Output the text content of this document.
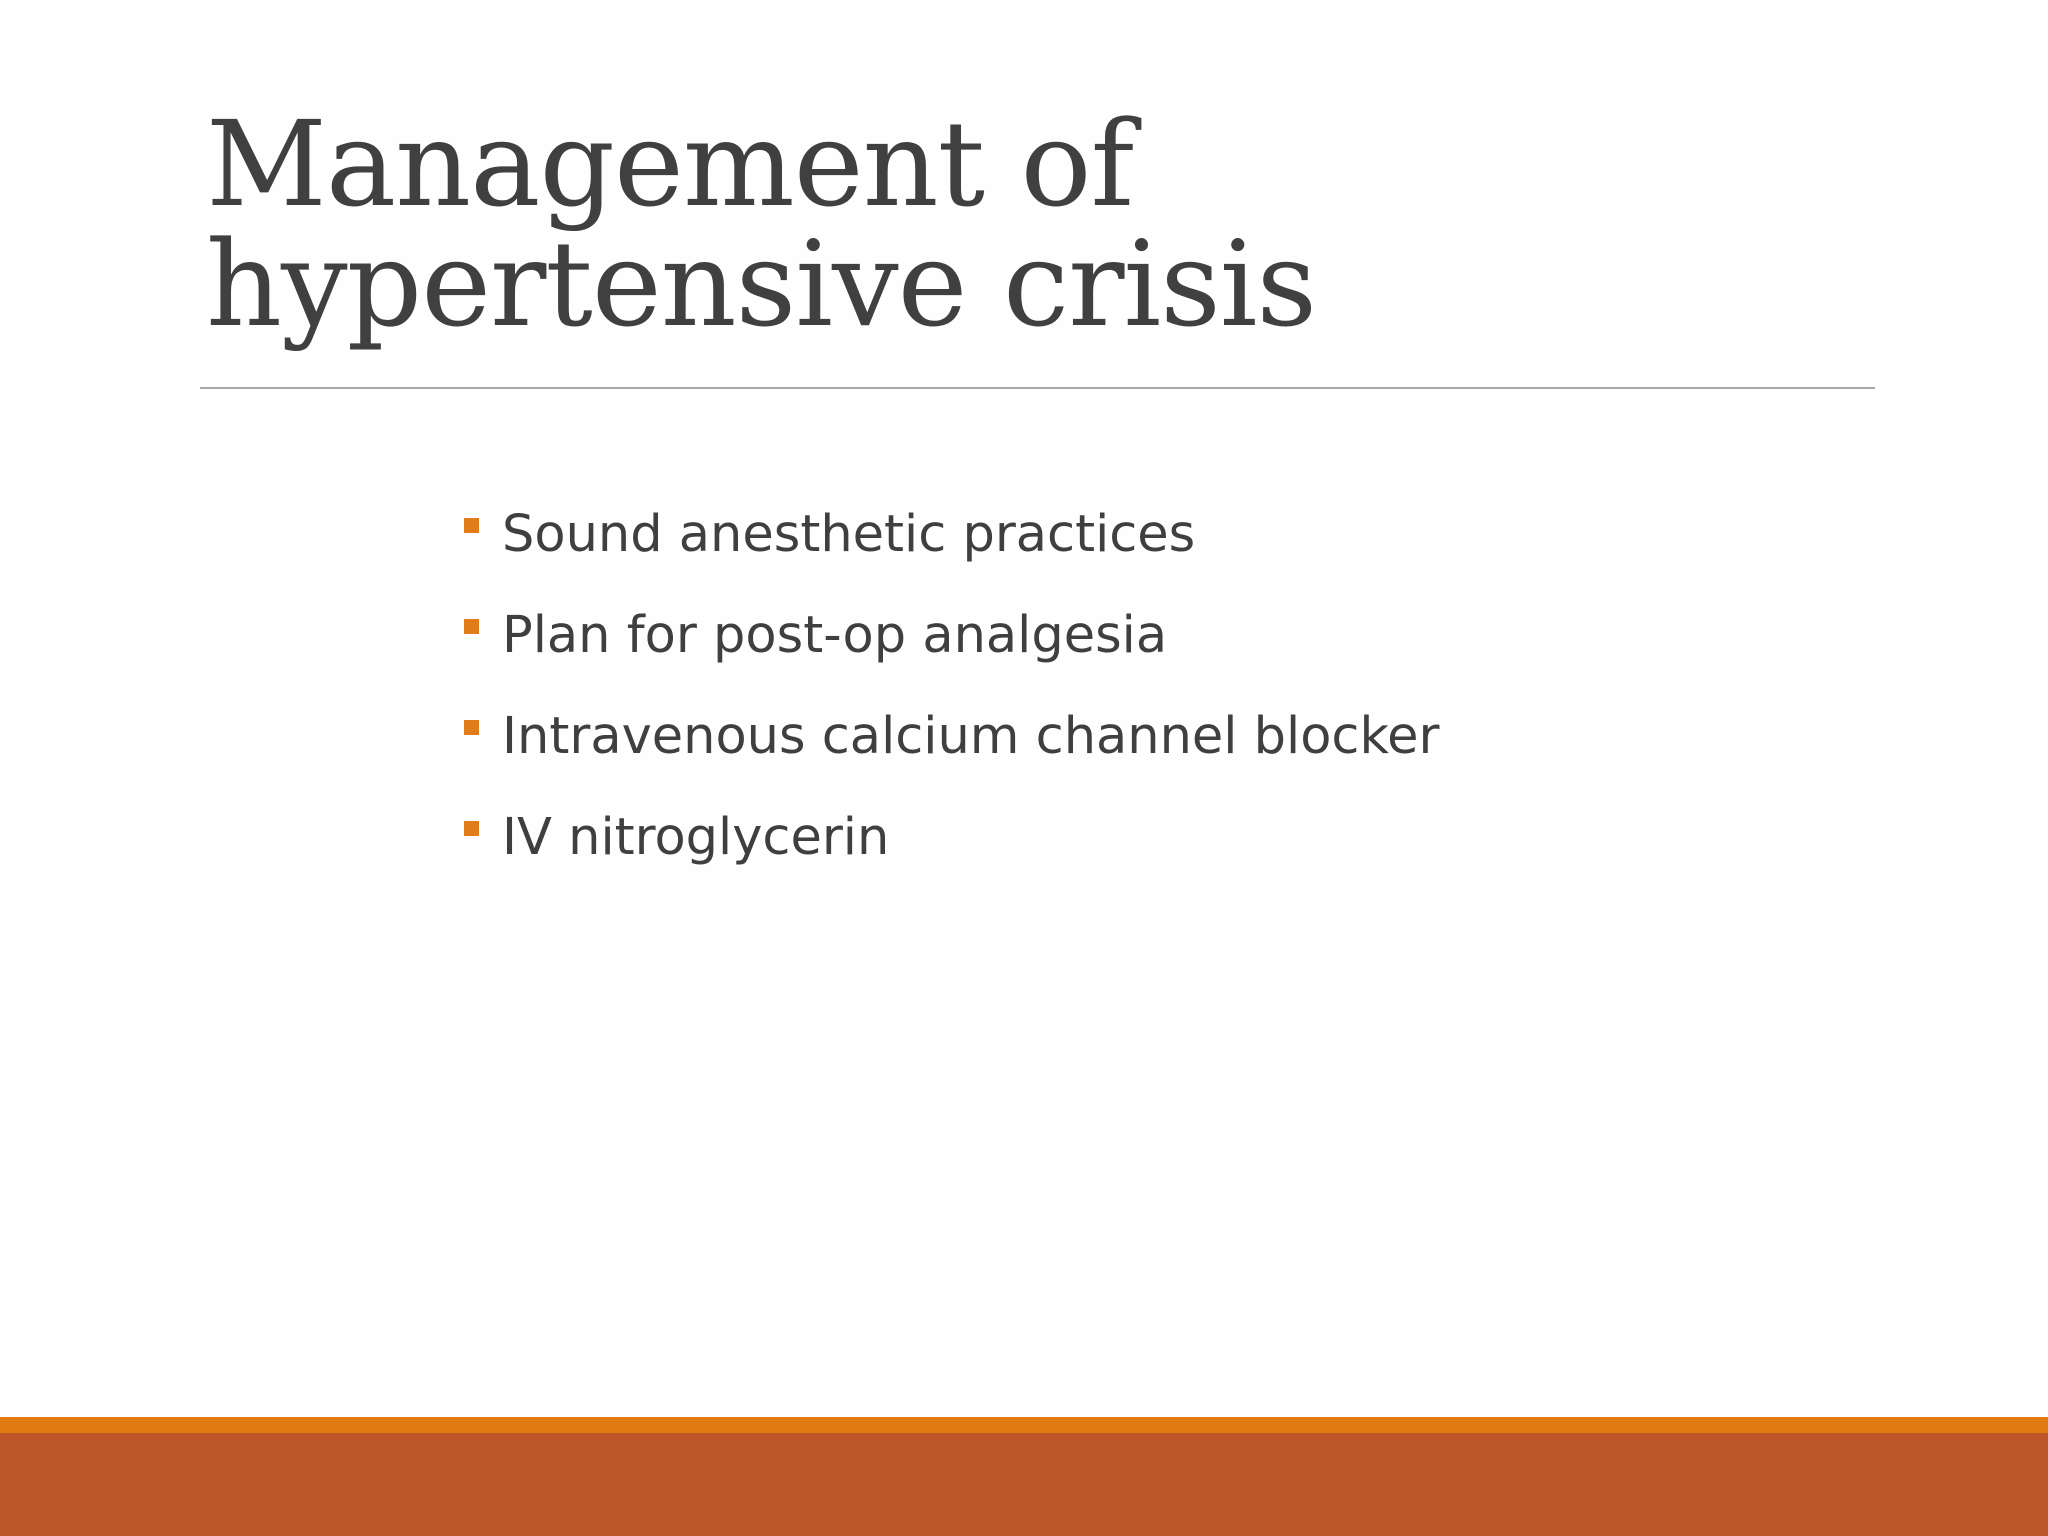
Management of hypertensive crisis
Sound anesthetic practices
Plan for post-op analgesia
Intravenous calcium channel blocker
IV nitroglycerin
